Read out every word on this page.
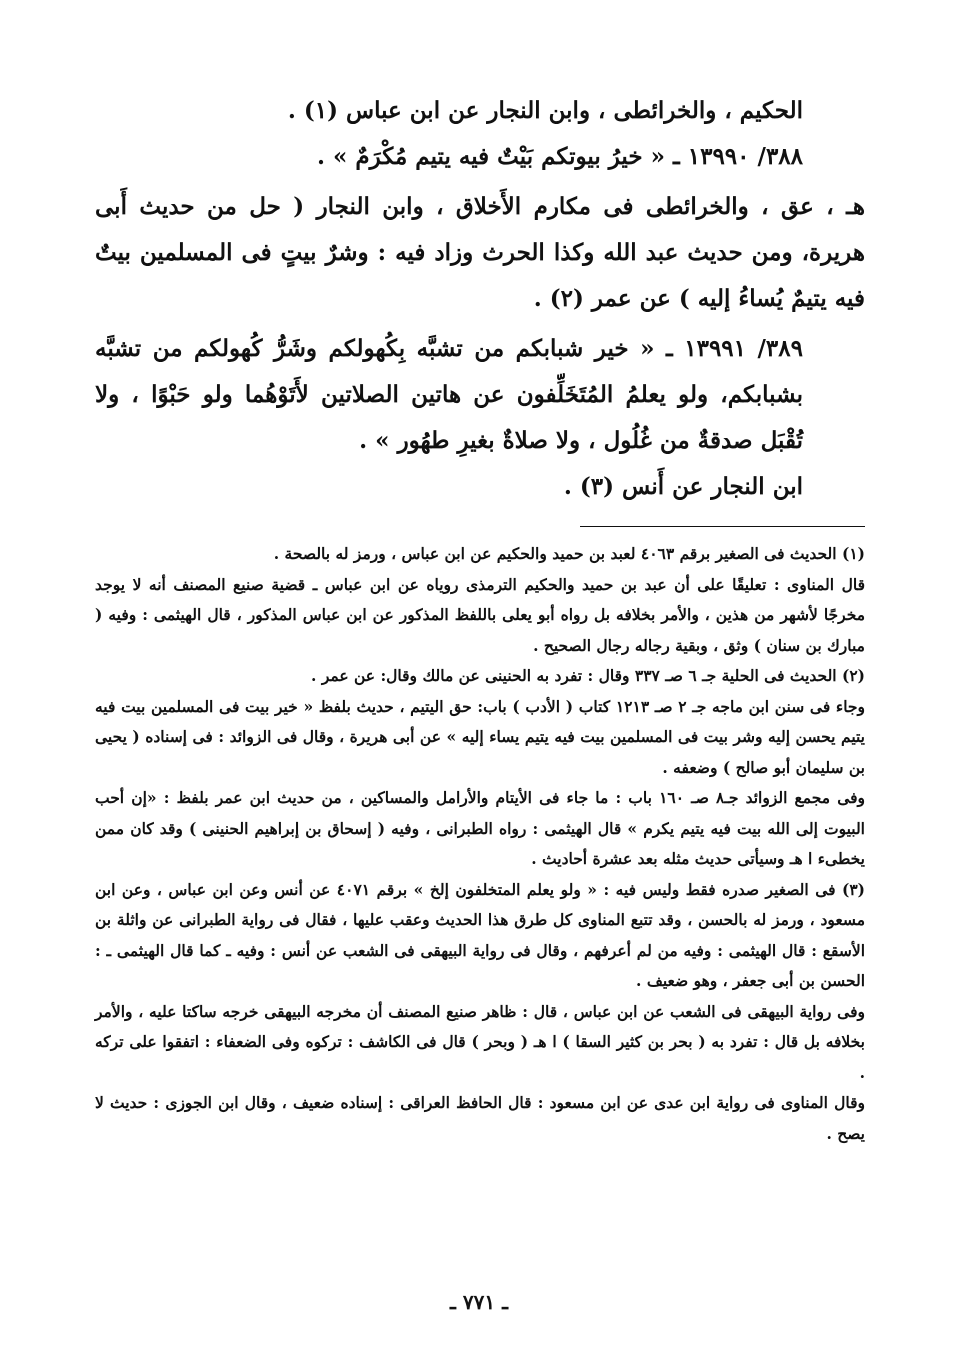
الحكيم ، والخرائطى ، وابن النجار عن ابن عباس (١) .

٣٨٨/ ١٣٩٩٠ ـ « خيرُ بيوتكم بَيْتٌ فيه يتيم مُكْرَمٌ » .

هـ ، عق ، والخرائطى فى مكارم الأَخلاق ، وابن النجار ( حل من حديث أَبى هريرة، ومن حديث عبد الله وكذا الحرث وزاد فيه : وشرٌ بيتٍ فى المسلمين بيتٌ فيه يتيمٌ يُساءُ إليه ) عن عمر (٢) .

٣٨٩/ ١٣٩٩١ ـ « خير شبابكم من تشبَّه بِكُهولكم وشَرُّ كُهولكم من تشبَّه بشبابكم، ولو يعلمُ المُتَخَلِّفون عن هاتين الصلاتين لأَتَوْهُما ولو حَبْوًا ، ولا تُقْبَل صدقةٌ من غُلُول ، ولا صلاةٌ بغيرِ طهُور » .

ابن النجار عن أَنس (٣) .

(١) الحديث فى الصغير برقم ٤٠٦٣ لعبد بن حميد والحكيم عن ابن عباس ، ورمز له بالصحة .

قال المناوى : تعليقًا على أن عبد بن حميد والحكيم الترمذى روياه عن ابن عباس ـ قضية صنيع المصنف أنه لا يوجد مخرجًا لأشهر من هذين ، والأمر بخلافه بل رواه أبو يعلى باللفظ المذكور عن ابن عباس المذكور ، قال الهيثمى : وفيه ( مبارك بن سنان ) وثق ، وبقية رجاله رجال الصحيح .

(٢) الحديث فى الحلية جـ ٦ صـ ٣٣٧ وقال : تفرد به الحنينى عن مالك وقال: عن عمر .

وجاء فى سنن ابن ماجه جـ ٢ صـ ١٢١٣ كتاب ( الأدب ) باب: حق اليتيم ، حديث بلفظ « خير بيت فى المسلمين بيت فيه يتيم يحسن إليه وشر بيت فى المسلمين بيت فيه يتيم يساء إليه » عن أبى هريرة ، وقال فى الزوائد : فى إسناده ( يحيى بن سليمان أبو صالح ) وضعفه .

وفى مجمع الزوائد جـ٨ صـ ١٦٠ باب : ما جاء فى الأيتام والأرامل والمساكين ، من حديث ابن عمر بلفظ : «إن أحب البيوت إلى الله بيت فيه يتيم يكرم » قال الهيثمى : رواه الطبرانى ، وفيه ( إسحاق بن إبراهيم الحنينى ) وقد كان ممن يخطىء ا هـ وسيأتى حديث مثله بعد عشرة أحاديث .

(٣) فى الصغير صدره فقط وليس فيه : « ولو يعلم المتخلفون إلخ » برقم ٤٠٧١ عن أنس وعن ابن عباس ، وعن ابن مسعود ، ورمز له بالحسن ، وقد تتبع المناوى كل طرق هذا الحديث وعقب عليها ، فقال فى رواية الطبرانى عن واثلة بن الأسقع : قال الهيثمى : وفيه من لم أعرفهم ، وقال فى رواية البيهقى فى الشعب عن أنس : وفيه ـ كما قال الهيثمى ـ : الحسن بن أبى جعفر ، وهو ضعيف .

وفى رواية البيهقى فى الشعب عن ابن عباس ، قال : ظاهر صنيع المصنف أن مخرجه البيهقى خرجه ساكتا عليه ، والأمر بخلافه بل قال : تفرد به ( بحر بن كثير السقا ) ا هـ ( وبحر ) قال فى الكاشف : تركوه وفى الضعفاء : اتفقوا على تركه .

وقال المناوى فى رواية ابن عدى عن ابن مسعود : قال الحافظ العراقى : إسناده ضعيف ، وقال ابن الجوزى : حديث لا يصح .

ـ ٧٧١ ـ
